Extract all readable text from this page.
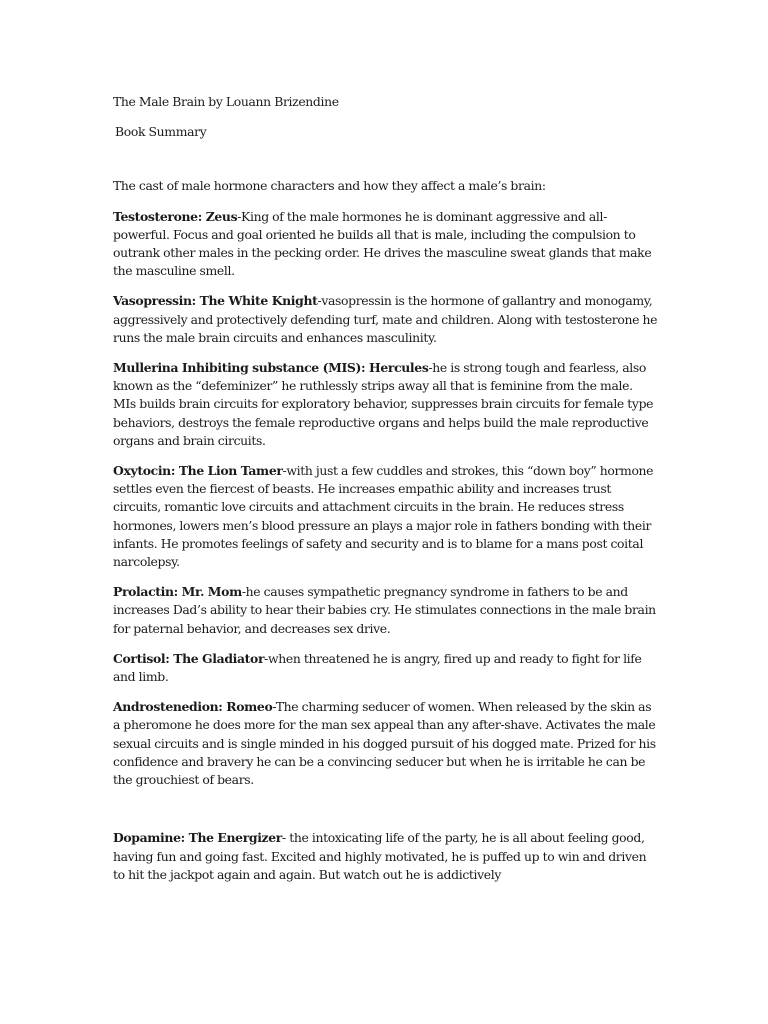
The Male Brain by Louann Brizendine
Book Summary
The cast of male hormone characters and how they affect a male’s brain:
Testosterone: Zeus-King of the male hormones he is dominant aggressive and all-powerful. Focus and goal oriented he builds all that is male, including the compulsion to outrank other males in the pecking order. He drives the masculine sweat glands that make the masculine smell.
Vasopressin: The White Knight-vasopressin is the hormone of gallantry and monogamy, aggressively and protectively defending turf, mate and children. Along with testosterone he runs the male brain circuits and enhances masculinity.
Mullerina Inhibiting substance (MIS): Hercules-he is strong tough and fearless, also known as the “defeminizer” he ruthlessly strips away all that is feminine from the male. MIs builds brain circuits for exploratory behavior, suppresses brain circuits for female type behaviors, destroys the female reproductive organs and helps build the male reproductive organs and brain circuits.
Oxytocin: The Lion Tamer-with just a few cuddles and strokes, this “down boy” hormone settles even the fiercest of beasts. He increases empathic ability and increases trust circuits, romantic love circuits and attachment circuits in the brain. He reduces stress hormones, lowers men’s blood pressure an plays a major role in fathers bonding with their infants. He promotes feelings of safety and security and is to blame for a mans post coital narcolepsy.
Prolactin: Mr. Mom-he causes sympathetic pregnancy syndrome in fathers to be and increases Dad’s ability to hear their babies cry. He stimulates connections in the male brain for paternal behavior, and decreases sex drive.
Cortisol: The Gladiator-when threatened he is angry, fired up and ready to fight for life and limb.
Androstenedion: Romeo-The charming seducer of women. When released by the skin as a pheromone he does more for the man sex appeal than any after-shave. Activates the male sexual circuits and is single minded in his dogged pursuit of his dogged mate. Prized for his confidence and bravery he can be a convincing seducer but when he is irritable he can be the grouchiest of bears.
Dopamine: The Energizer- the intoxicating life of the party, he is all about feeling good, having fun and going fast. Excited and highly motivated, he is puffed up to win and driven to hit the jackpot again and again. But watch out he is addictively
